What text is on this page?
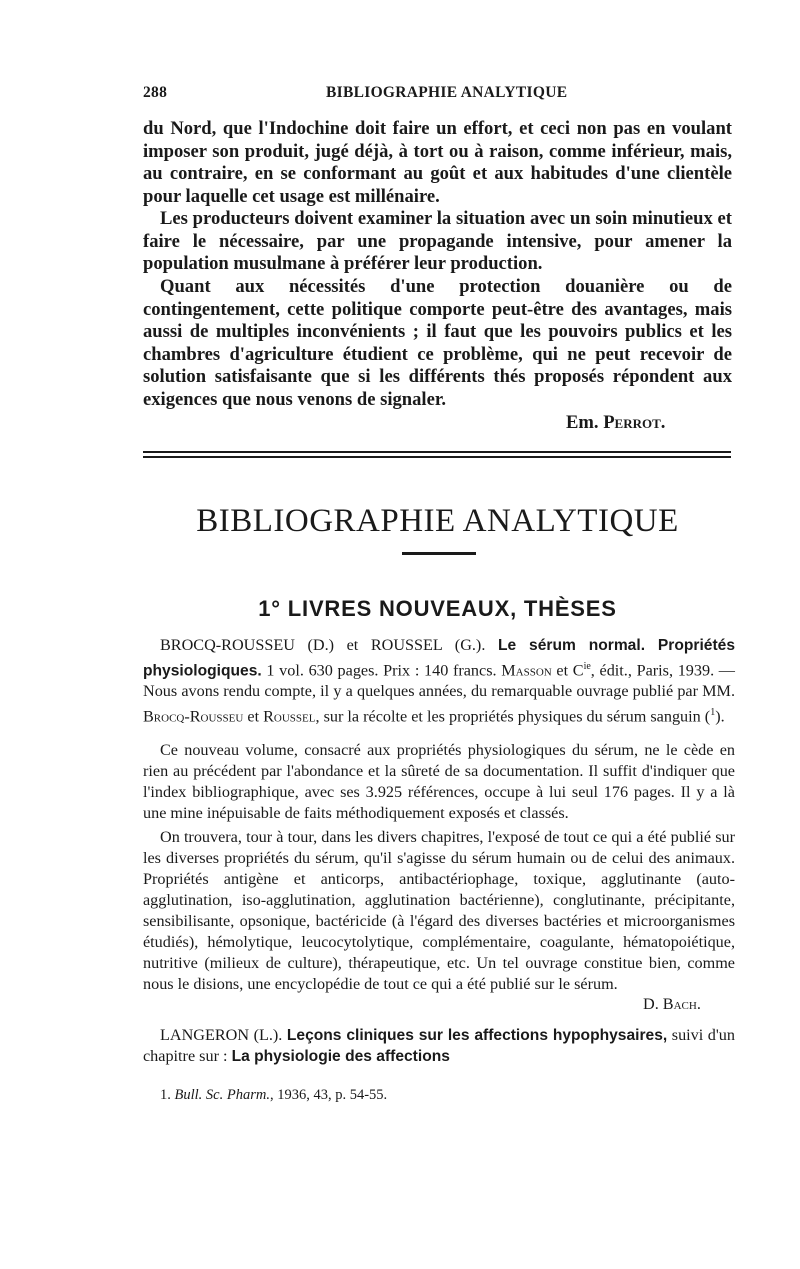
288	BIBLIOGRAPHIE ANALYTIQUE

du Nord, que l'Indochine doit faire un effort, et ceci non pas en voulant imposer son produit, jugé déjà, à tort ou à raison, comme inférieur, mais, au contraire, en se conformant au goût et aux habitudes d'une clientèle pour laquelle cet usage est millénaire.

Les producteurs doivent examiner la situation avec un soin minutieux et faire le nécessaire, par une propagande intensive, pour amener la population musulmane à préférer leur production.

Quant aux nécessités d'une protection douanière ou de contingentement, cette politique comporte peut-être des avantages, mais aussi de multiples inconvénients ; il faut que les pouvoirs publics et les chambres d'agriculture étudient ce problème, qui ne peut recevoir de solution satisfaisante que si les différents thés proposés répondent aux exigences que nous venons de signaler.

Em. Perrot.
BIBLIOGRAPHIE ANALYTIQUE
1° LIVRES NOUVEAUX, THÈSES

BROCQ-ROUSSEU (D.) et ROUSSEL (G.). Le sérum normal. Propriétés physiologiques. 1 vol. 630 pages. Prix : 140 francs. Masson et $C^{ie}$, édit., Paris, 1939. — Nous avons rendu compte, il y a quelques années, du remarquable ouvrage publié par MM. Brocq-Rousseu et Roussel, sur la récolte et les propriétés physiques du sérum sanguin ($^1$).

Ce nouveau volume, consacré aux propriétés physiologiques du sérum, ne le cède en rien au précédent par l'abondance et la sûreté de sa documentation. Il suffit d'indiquer que l'index bibliographique, avec ses 3.925 références, occupe à lui seul 176 pages. Il y a là une mine inépuisable de faits méthodiquement exposés et classés.

On trouvera, tour à tour, dans les divers chapitres, l'exposé de tout ce qui a été publié sur les diverses propriétés du sérum, qu'il s'agisse du sérum humain ou de celui des animaux. Propriétés antigène et anticorps, antibactériophage, toxique, agglutinante (auto-agglutination, iso-agglutination, agglutination bactérienne), conglutinante, précipitante, sensibilisante, opsonique, bactéricide (à l'égard des diverses bactéries et microorganismes étudiés), hémolytique, leucocytolytique, complémentaire, coagulante, hématopoiétique, nutritive (milieux de culture), thérapeutique, etc. Un tel ouvrage constitue bien, comme nous le disions, une encyclopédie de tout ce qui a été publié sur le sérum.

D. Bach.

LANGERON (L.). Leçons cliniques sur les affections hypophysaires, suivi d'un chapitre sur : La physiologie des affections

1. Bull. Sc. Pharm., 1936, 43, p. 54-55.
